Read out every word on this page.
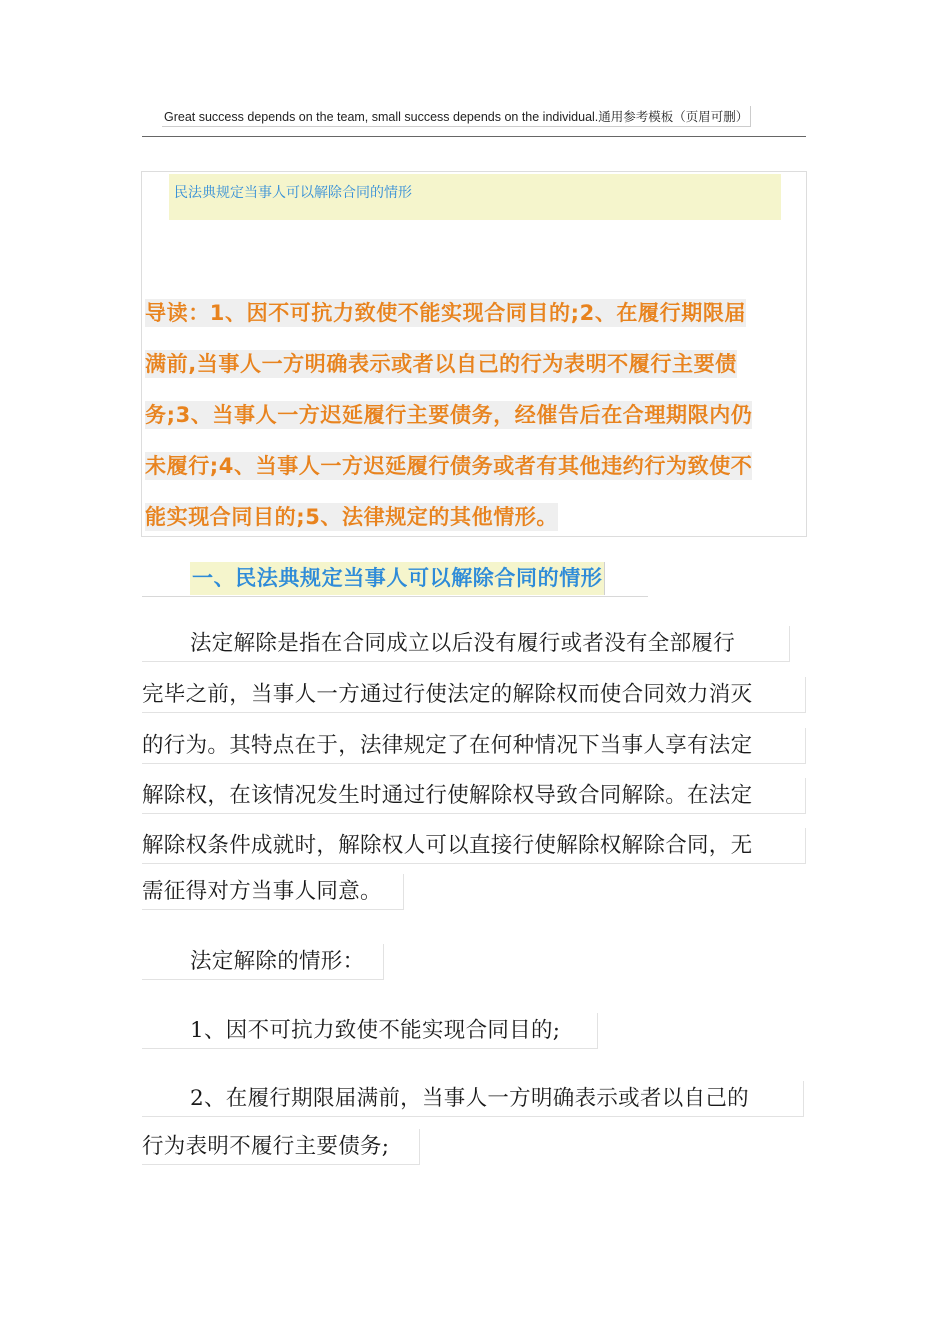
Great success depends on the team, small success depends on the individual.通用参考模板（页眉可删）
民法典规定当事人可以解除合同的情形
导读：1、因不可抗力致使不能实现合同目的;2、在履行期限届
满前,当事人一方明确表示或者以自己的行为表明不履行主要债
务;3、当事人一方迟延履行主要债务，经催告后在合理期限内仍
未履行;4、当事人一方迟延履行债务或者有其他违约行为致使不
能实现合同目的;5、法律规定的其他情形。
一、民法典规定当事人可以解除合同的情形
法定解除是指在合同成立以后没有履行或者没有全部履行
完毕之前，当事人一方通过行使法定的解除权而使合同效力消灭
的行为。其特点在于，法律规定了在何种情况下当事人享有法定
解除权，在该情况发生时通过行使解除权导致合同解除。在法定
解除权条件成就时，解除权人可以直接行使解除权解除合同，无
需征得对方当事人同意。
法定解除的情形：
1、因不可抗力致使不能实现合同目的;
2、在履行期限届满前，当事人一方明确表示或者以自己的
行为表明不履行主要债务;
